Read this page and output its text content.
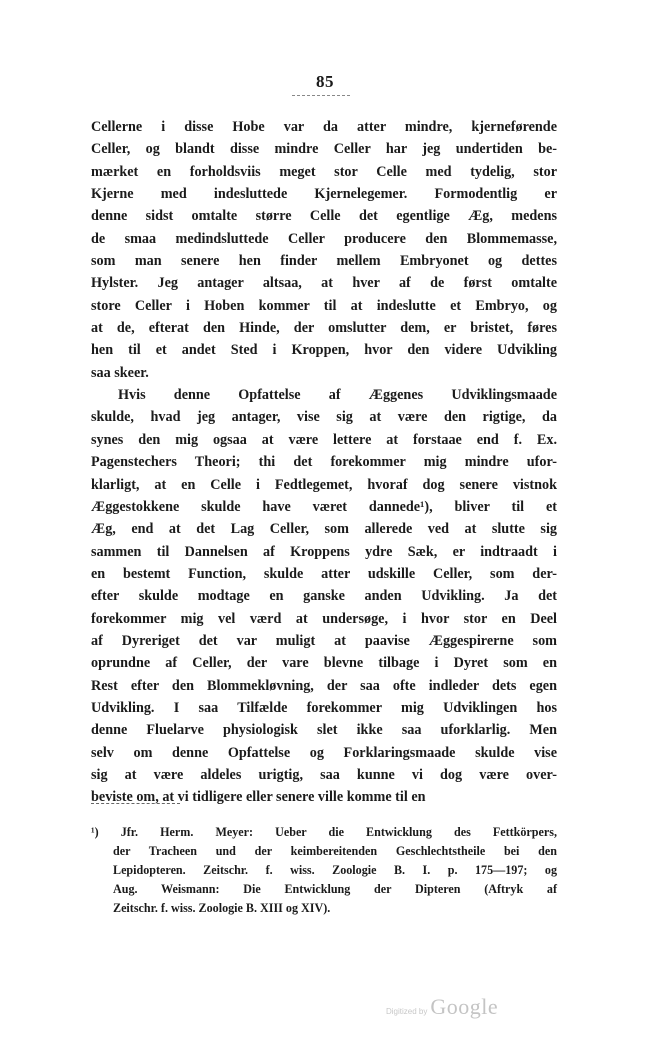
85
Cellerne i disse Hobe var da atter mindre, kjerneførende
Celler, og blandt disse mindre Celler har jeg undertiden be-
mærket en forholdsviis meget stor Celle med tydelig, stor
Kjerne med indesluttede Kjernelegemer. Formodentlig er
denne sidst omtalte større Celle det egentlige Æg, medens
de smaa medindsluttede Celler producere den Blommemasse,
som man senere hen finder mellem Embryonet og dettes
Hylster. Jeg antager altsaa, at hver af de først omtalte
store Celler i Hoben kommer til at indeslutte et Embryo, og
at de, efterat den Hinde, der omslutter dem, er bristet, føres
hen til et andet Sted i Kroppen, hvor den videre Udvikling
saa skeer.
Hvis denne Opfattelse af Æggenes Udviklingsmaade
skulde, hvad jeg antager, vise sig at være den rigtige, da
synes den mig ogsaa at være lettere at forstaae end f. Ex.
Pagenstechers Theori; thi det forekommer mig mindre ufor-
klarligt, at en Celle i Fedtlegemet, hvoraf dog senere vistnok
Æggestokkene skulde have været dannede¹), bliver til et
Æg, end at det Lag Celler, som allerede ved at slutte sig
sammen til Dannelsen af Kroppens ydre Sæk, er indtraadt i
en bestemt Function, skulde atter udskille Celler, som der-
efter skulde modtage en ganske anden Udvikling. Ja det
forekommer mig vel værd at undersøge, i hvor stor en Deel
af Dyreriget det var muligt at paavise Æggespirerne som
oprundne af Celler, der vare blevne tilbage i Dyret som en
Rest efter den Blommekløvning, der saa ofte indleder dets egen
Udvikling. I saa Tilfælde forekommer mig Udviklingen hos
denne Fluelarve physiologisk slet ikke saa uforklarlig. Men
selv om denne Opfattelse og Forklaringsmaade skulde vise
sig at være aldeles urigtig, saa kunne vi dog være over-
beviste om, at vi tidligere eller senere ville komme til en
¹) Jfr. Herm. Meyer: Ueber die Entwicklung des Fettkörpers,
der Tracheen und der keimbereitenden Geschlechtstheile bei den
Lepidopteren. Zeitschr. f. wiss. Zoologie B. I. p. 175—197; og
Aug. Weismann: Die Entwicklung der Dipteren (Aftryk af
Zeitschr. f. wiss. Zoologie B. XIII og XIV).
Digitized by Google
